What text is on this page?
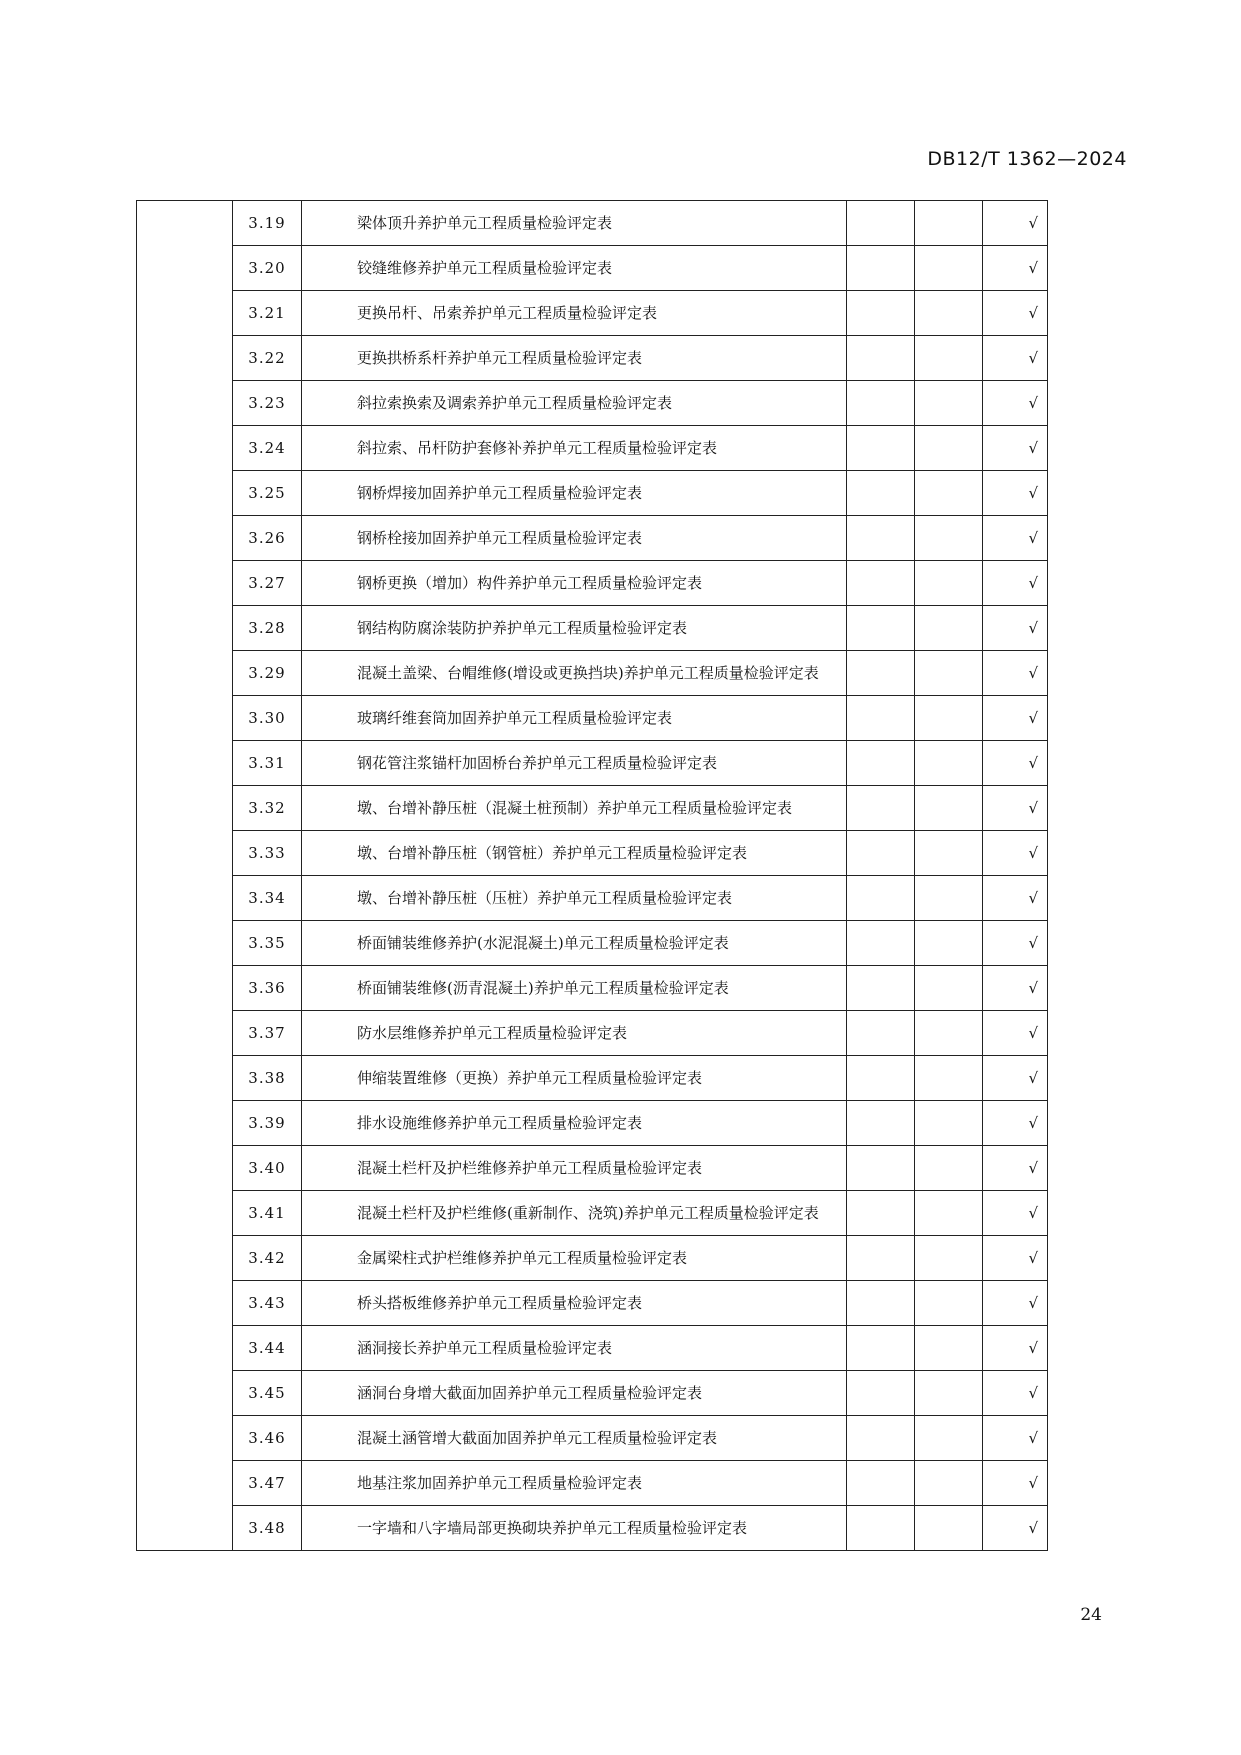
DB12/T 1362—2024
	3.19	梁体顶升养护单元工程质量检验评定表			√
	3.20	铰缝维修养护单元工程质量检验评定表			√
	3.21	更换吊杆、吊索养护单元工程质量检验评定表			√
	3.22	更换拱桥系杆养护单元工程质量检验评定表			√
	3.23	斜拉索换索及调索养护单元工程质量检验评定表			√
	3.24	斜拉索、吊杆防护套修补养护单元工程质量检验评定表			√
	3.25	钢桥焊接加固养护单元工程质量检验评定表			√
	3.26	钢桥栓接加固养护单元工程质量检验评定表			√
	3.27	钢桥更换（增加）构件养护单元工程质量检验评定表			√
	3.28	钢结构防腐涂装防护养护单元工程质量检验评定表			√
	3.29	混凝土盖梁、台帽维修(增设或更换挡块)养护单元工程质量检验评定表			√
	3.30	玻璃纤维套筒加固养护单元工程质量检验评定表			√
	3.31	钢花管注浆锚杆加固桥台养护单元工程质量检验评定表			√
	3.32	墩、台增补静压桩（混凝土桩预制）养护单元工程质量检验评定表			√
	3.33	墩、台增补静压桩（钢管桩）养护单元工程质量检验评定表			√
	3.34	墩、台增补静压桩（压桩）养护单元工程质量检验评定表			√
	3.35	桥面铺装维修养护(水泥混凝土)单元工程质量检验评定表			√
	3.36	桥面铺装维修(沥青混凝土)养护单元工程质量检验评定表			√
	3.37	防水层维修养护单元工程质量检验评定表			√
	3.38	伸缩装置维修（更换）养护单元工程质量检验评定表			√
	3.39	排水设施维修养护单元工程质量检验评定表			√
	3.40	混凝土栏杆及护栏维修养护单元工程质量检验评定表			√
	3.41	混凝土栏杆及护栏维修(重新制作、浇筑)养护单元工程质量检验评定表			√
	3.42	金属梁柱式护栏维修养护单元工程质量检验评定表			√
	3.43	桥头搭板维修养护单元工程质量检验评定表			√
	3.44	涵洞接长养护单元工程质量检验评定表			√
	3.45	涵洞台身增大截面加固养护单元工程质量检验评定表			√
	3.46	混凝土涵管增大截面加固养护单元工程质量检验评定表			√
	3.47	地基注浆加固养护单元工程质量检验评定表			√
	3.48	一字墙和八字墙局部更换砌块养护单元工程质量检验评定表			√
24
